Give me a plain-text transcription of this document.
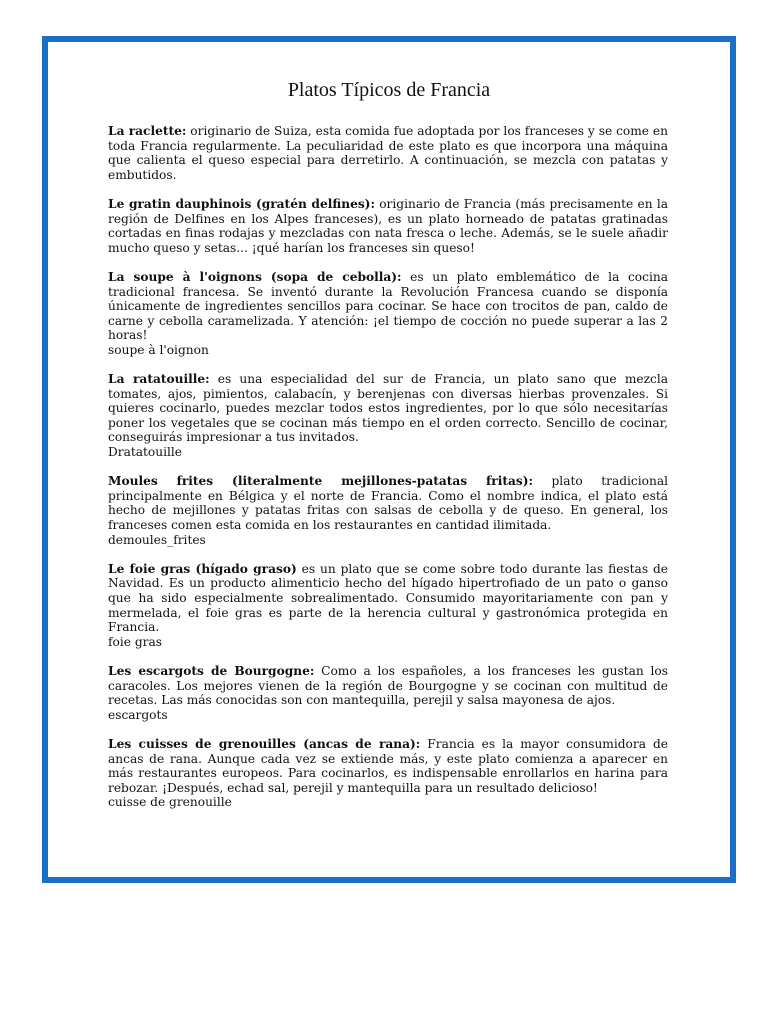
Platos Típicos de Francia

La raclette: originario de Suiza, esta comida fue adoptada por los franceses y se come en toda Francia regularmente. La peculiaridad de este plato es que incorpora una máquina que calienta el queso especial para derretirlo. A continuación, se mezcla con patatas y embutidos.

Le gratin dauphinois (gratén delfines): originario de Francia (más precisamente en la región de Delfines en los Alpes franceses), es un plato horneado de patatas gratinadas cortadas en finas rodajas y mezcladas con nata fresca o leche. Además, se le suele añadir mucho queso y setas... ¡qué harían los franceses sin queso!

La soupe à l'oignons (sopa de cebolla): es un plato emblemático de la cocina tradicional francesa. Se inventó durante la Revolución Francesa cuando se disponía únicamente de ingredientes sencillos para cocinar. Se hace con trocitos de pan, caldo de carne y cebolla caramelizada. Y atención: ¡el tiempo de cocción no puede superar a las 2 horas!

soupe à l'oignon

La ratatouille: es una especialidad del sur de Francia, un plato sano que mezcla tomates, ajos, pimientos, calabacín, y berenjenas con diversas hierbas provenzales. Si quieres cocinarlo, puedes mezclar todos estos ingredientes, por lo que sólo necesitarías poner los vegetales que se cocinan más tiempo en el orden correcto. Sencillo de cocinar, conseguirás impresionar a tus invitados.

Dratatouille

Moules frites (literalmente mejillones-patatas fritas): plato tradicional principalmente en Bélgica y el norte de Francia. Como el nombre indica, el plato está hecho de mejillones y patatas fritas con salsas de cebolla y de queso. En general, los franceses comen esta comida en los restaurantes en cantidad ilimitada.

demoules_frites

Le foie gras (hígado graso) es un plato que se come sobre todo durante las fiestas de Navidad. Es un producto alimenticio hecho del hígado hipertrofiado de un pato o ganso que ha sido especialmente sobrealimentado. Consumido mayoritariamente con pan y mermelada, el foie gras es parte de la herencia cultural y gastronómica protegida en Francia.

foie gras

Les escargots de Bourgogne: Como a los españoles, a los franceses les gustan los caracoles. Los mejores vienen de la región de Bourgogne y se cocinan con multitud de recetas. Las más conocidas son con mantequilla, perejil y salsa mayonesa de ajos.

escargots

Les cuisses de grenouilles (ancas de rana): Francia es la mayor consumidora de ancas de rana. Aunque cada vez se extiende más, y este plato comienza a aparecer en más restaurantes europeos. Para cocinarlos, es indispensable enrollarlos en harina para rebozar. ¡Después, echad sal, perejil y mantequilla para un resultado delicioso!

cuisse de grenouille
